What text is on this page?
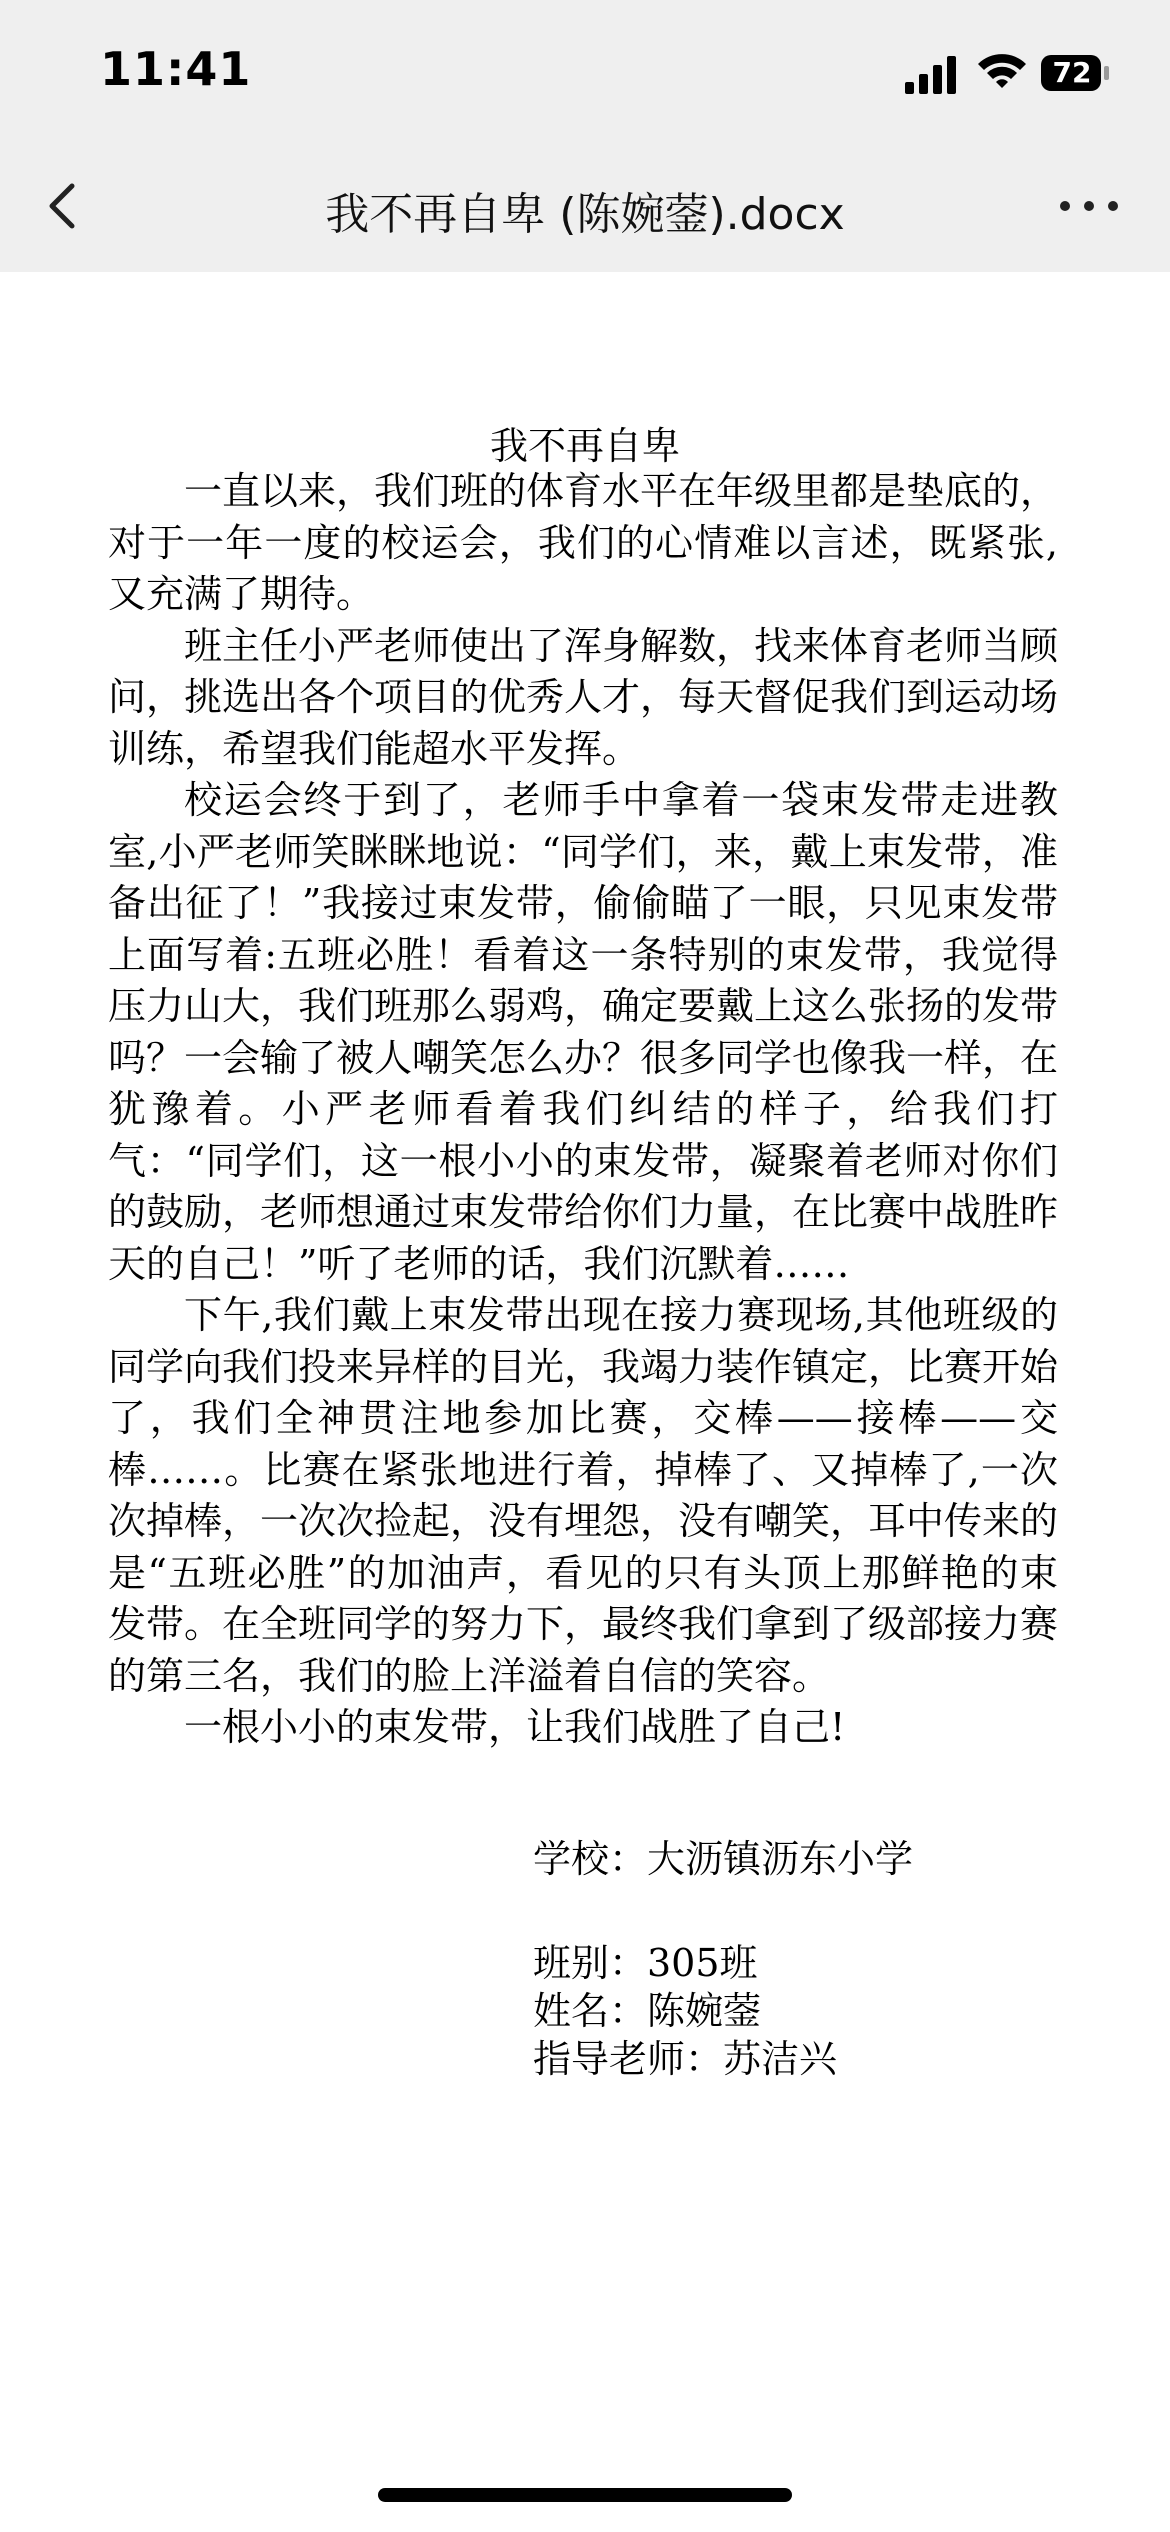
11:41	72
我不再自卑 (陈婉蓥).docx
我不再自卑

一直以来，我们班的体育水平在年级里都是垫底的，对于一年一度的校运会，我们的心情难以言述，既紧张,又充满了期待。

班主任小严老师使出了浑身解数，找来体育老师当顾问，挑选出各个项目的优秀人才，每天督促我们到运动场训练，希望我们能超水平发挥。

校运会终于到了，老师手中拿着一袋束发带走进教室,小严老师笑眯眯地说：“同学们，来，戴上束发带，准备出征了！”我接过束发带，偷偷瞄了一眼，只见束发带上面写着:五班必胜！看着这一条特别的束发带，我觉得压力山大，我们班那么弱鸡，确定要戴上这么张扬的发带吗？一会输了被人嘲笑怎么办？很多同学也像我一样，在犹豫着。小严老师看着我们纠结的样子，给我们打气：“同学们，这一根小小的束发带，凝聚着老师对你们的鼓励，老师想通过束发带给你们力量，在比赛中战胜昨天的自己！”听了老师的话，我们沉默着……

下午,我们戴上束发带出现在接力赛现场,其他班级的同学向我们投来异样的目光，我竭力装作镇定，比赛开始了，我们全神贯注地参加比赛，交棒——接棒——交棒……。比赛在紧张地进行着，掉棒了、又掉棒了,一次次掉棒，一次次捡起，没有埋怨，没有嘲笑，耳中传来的是“五班必胜”的加油声，看见的只有头顶上那鲜艳的束发带。在全班同学的努力下，最终我们拿到了级部接力赛的第三名，我们的脸上洋溢着自信的笑容。

一根小小的束发带，让我们战胜了自己!

学校：大沥镇沥东小学
班别：305班
姓名：陈婉蓥
指导老师：苏洁兴
